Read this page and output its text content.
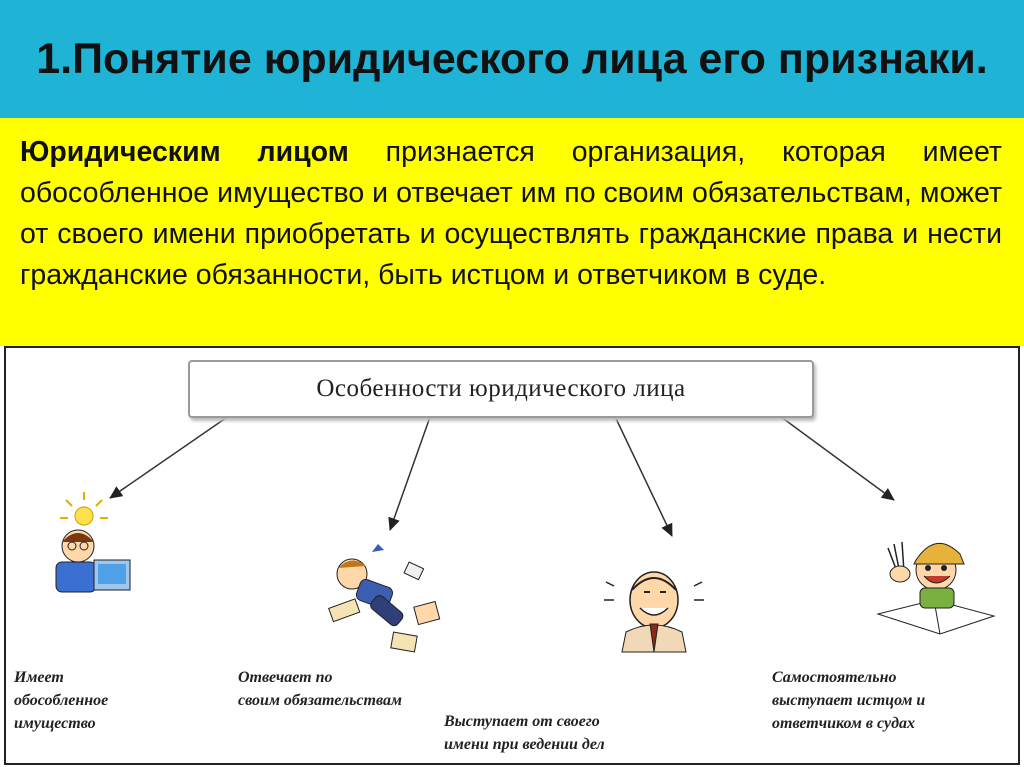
1.Понятие юридического лица его признаки.

Юридическим лицом признается организация, которая имеет обособленное имущество и отвечает им по своим обязательствам, может от своего имени приобретать и осуществлять гражданские права и нести гражданские обязанности, быть истцом и ответчиком в суде.

Особенности юридического лица
Имеет
обособленное
имущество
Отвечает по
своим обязательствам
Выступает от своего
имени при ведении дел
Самостоятельно
выступает истцом и
ответчиком в судах
